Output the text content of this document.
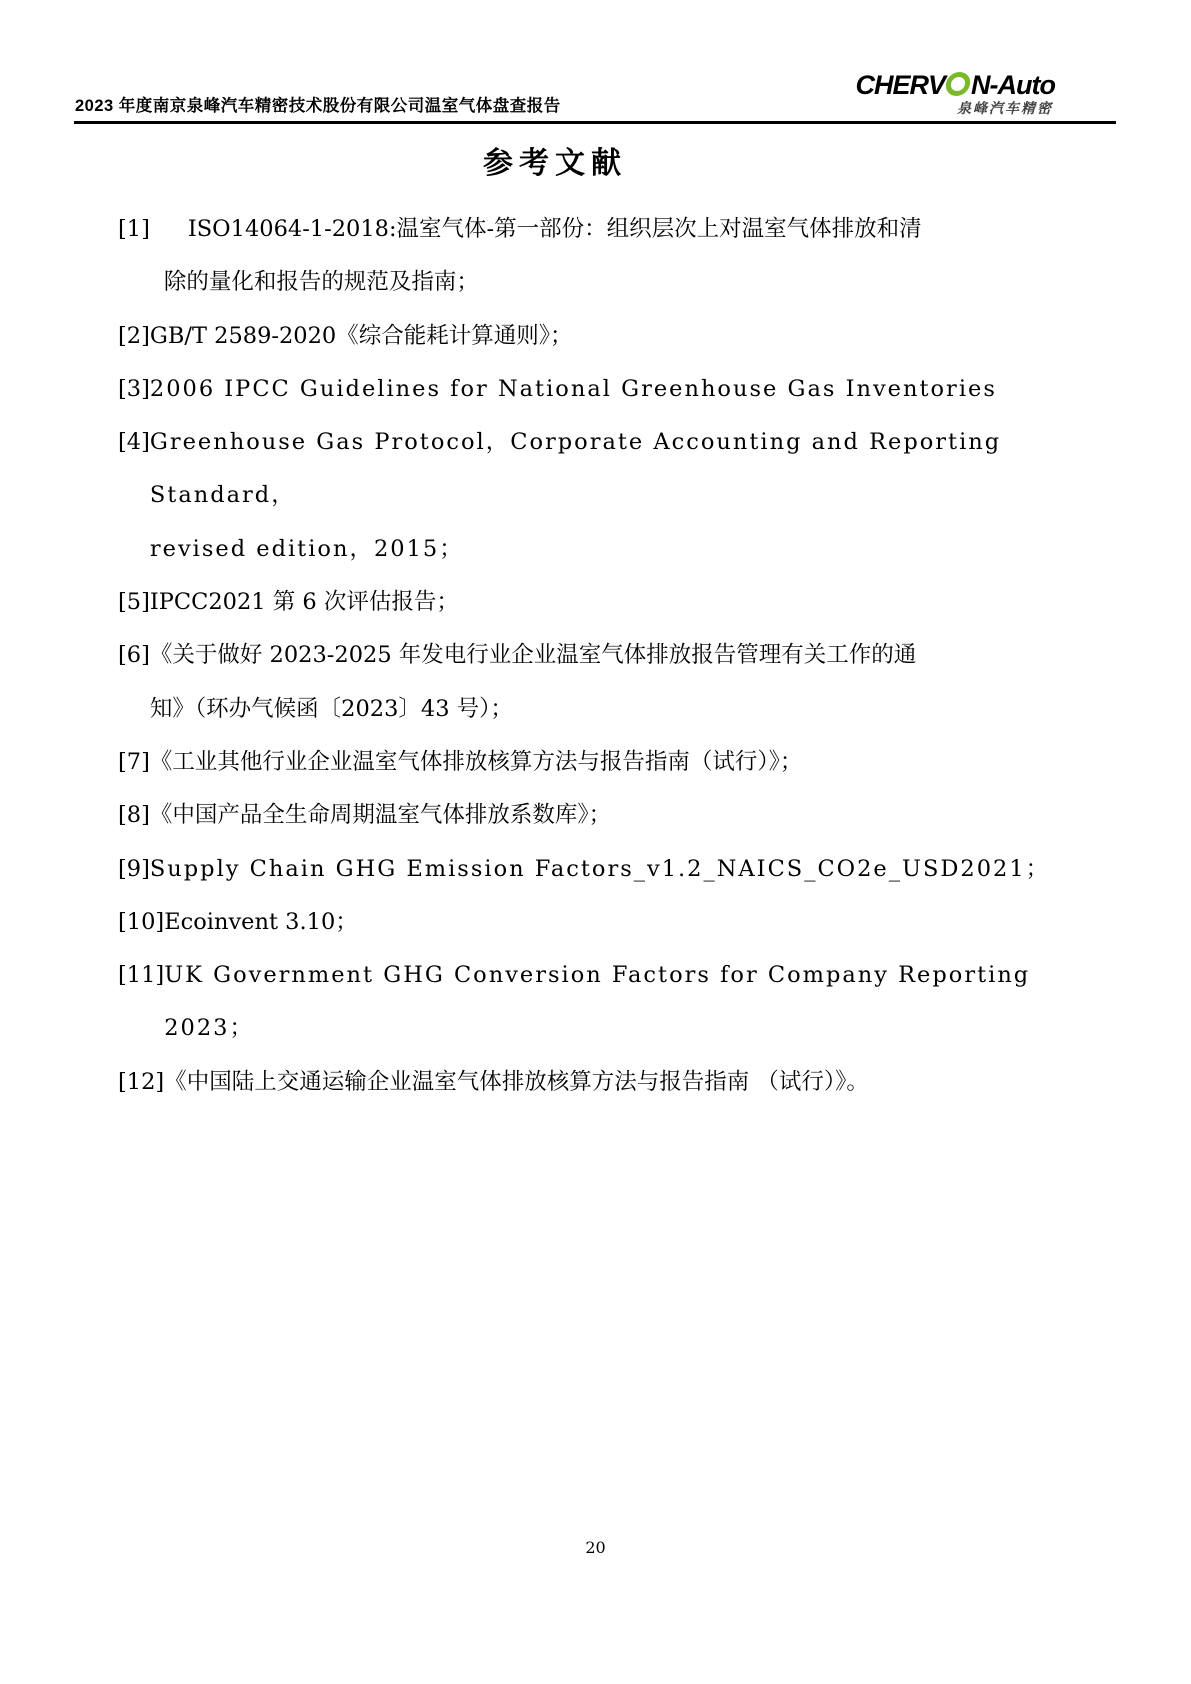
2023 年度南京泉峰汽车精密技术股份有限公司温室气体盘查报告
CHERV N-Auto
泉峰汽车精密
参考文献
[1]	ISO14064-1-2018:温室气体-第一部份：组织层次上对温室气体排放和清
除的量化和报告的规范及指南；
[2] GB/T 2589-2020《综合能耗计算通则》；
[3] 2006 IPCC Guidelines for National Greenhouse Gas Inventories
[4] Greenhouse Gas Protocol，Corporate Accounting and Reporting Standard，
revised edition，2015；
[5] IPCC2021 第 6 次评估报告；
[6] 《关于做好 2023-2025 年发电行业企业温室气体排放报告管理有关工作的通
知》（环办气候函〔2023〕43 号）；
[7] 《工业其他行业企业温室气体排放核算方法与报告指南（试行）》；
[8] 《中国产品全生命周期温室气体排放系数库》；
[9] Supply Chain GHG Emission Factors_v1.2_NAICS_CO2e_USD2021；
[10] Ecoinvent 3.10；
[11] UK Government GHG Conversion Factors for Company Reporting 2023；
[12] 《中国陆上交通运输企业温室气体排放核算方法与报告指南 （试行）》。
20
